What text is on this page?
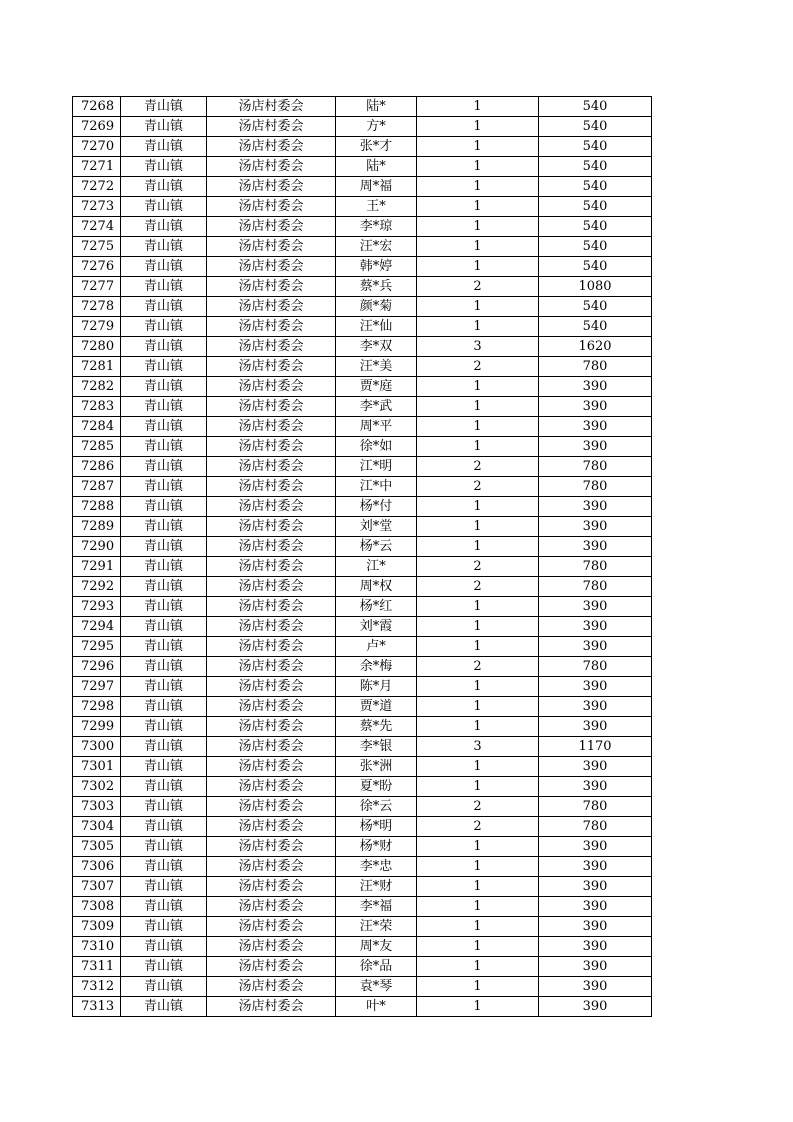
7268	青山镇	汤店村委会	陆*	1	540
7269	青山镇	汤店村委会	方*	1	540
7270	青山镇	汤店村委会	张*才	1	540
7271	青山镇	汤店村委会	陆*	1	540
7272	青山镇	汤店村委会	周*福	1	540
7273	青山镇	汤店村委会	王*	1	540
7274	青山镇	汤店村委会	李*琼	1	540
7275	青山镇	汤店村委会	汪*宏	1	540
7276	青山镇	汤店村委会	韩*婷	1	540
7277	青山镇	汤店村委会	蔡*兵	2	1080
7278	青山镇	汤店村委会	颜*菊	1	540
7279	青山镇	汤店村委会	汪*仙	1	540
7280	青山镇	汤店村委会	李*双	3	1620
7281	青山镇	汤店村委会	汪*美	2	780
7282	青山镇	汤店村委会	贾*庭	1	390
7283	青山镇	汤店村委会	李*武	1	390
7284	青山镇	汤店村委会	周*平	1	390
7285	青山镇	汤店村委会	徐*如	1	390
7286	青山镇	汤店村委会	江*明	2	780
7287	青山镇	汤店村委会	江*中	2	780
7288	青山镇	汤店村委会	杨*付	1	390
7289	青山镇	汤店村委会	刘*堂	1	390
7290	青山镇	汤店村委会	杨*云	1	390
7291	青山镇	汤店村委会	江*	2	780
7292	青山镇	汤店村委会	周*权	2	780
7293	青山镇	汤店村委会	杨*红	1	390
7294	青山镇	汤店村委会	刘*霞	1	390
7295	青山镇	汤店村委会	卢*	1	390
7296	青山镇	汤店村委会	余*梅	2	780
7297	青山镇	汤店村委会	陈*月	1	390
7298	青山镇	汤店村委会	贾*道	1	390
7299	青山镇	汤店村委会	蔡*先	1	390
7300	青山镇	汤店村委会	李*银	3	1170
7301	青山镇	汤店村委会	张*洲	1	390
7302	青山镇	汤店村委会	夏*盼	1	390
7303	青山镇	汤店村委会	徐*云	2	780
7304	青山镇	汤店村委会	杨*明	2	780
7305	青山镇	汤店村委会	杨*财	1	390
7306	青山镇	汤店村委会	李*忠	1	390
7307	青山镇	汤店村委会	汪*财	1	390
7308	青山镇	汤店村委会	李*福	1	390
7309	青山镇	汤店村委会	汪*荣	1	390
7310	青山镇	汤店村委会	周*友	1	390
7311	青山镇	汤店村委会	徐*品	1	390
7312	青山镇	汤店村委会	袁*琴	1	390
7313	青山镇	汤店村委会	叶*	1	390
